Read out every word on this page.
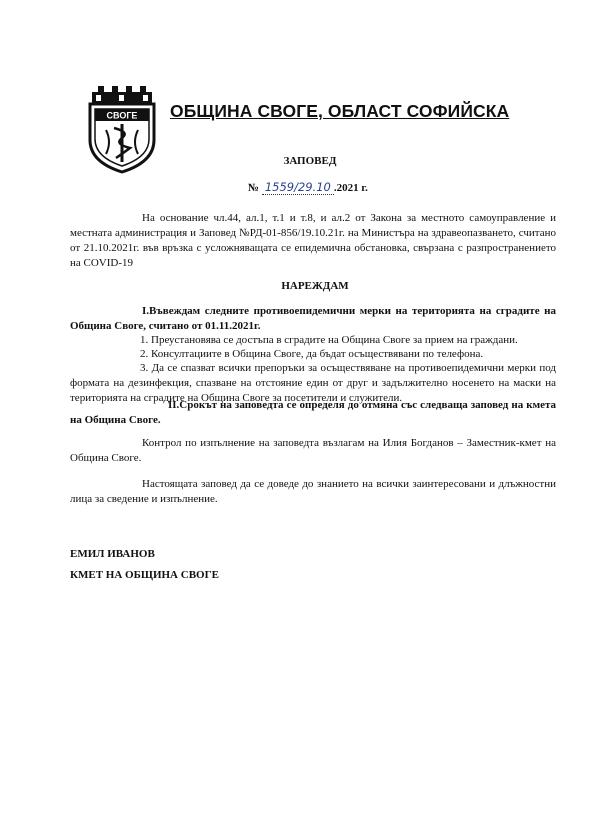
СВОГЕ ОБЩИНА СВОГЕ, ОБЛАСТ СОФИЙСКА
ЗАПОВЕД
№ 1559/29.10 .2021 г.
На основание чл.44, ал.1, т.1 и т.8, и ал.2 от Закона за местното самоуправление и местната администрация и Заповед №РД-01-856/19.10.21г. на Министъра на здравеопазването, считано от 21.10.2021г. във връзка с усложняващата се епидемична обстановка, свързана с разпространението на COVID-19
НАРЕЖДАМ
I.Въвеждам следните противоепидемични мерки на територията на сградите на Община Своге, считано от 01.11.2021г.
1. Преустановява се достъпа в сградите на Община Своге за прием на граждани.
2. Консултациите в Община Своге, да бъдат осъществявани по телефона.
3. Да се спазват всички препоръки за осъществяване на противоепидемични мерки под формата на дезинфекция, спазване на отстояние един от друг и задължително носенето на маски на територията на сградите на Община Своге за посетители и служители.
II.Срокът на заповедта се определя до отмяна със следваща заповед на кмета на Община Своге.
Контрол по изпълнение на заповедта възлагам на Илия Богданов – Заместник-кмет на Община Своге.
Настоящата заповед да се доведе до знанието на всички заинтересовани и длъжностни лица за сведение и изпълнение.
ЕМИЛ ИВАНОВ
КМЕТ НА ОБЩИНА СВОГЕ
